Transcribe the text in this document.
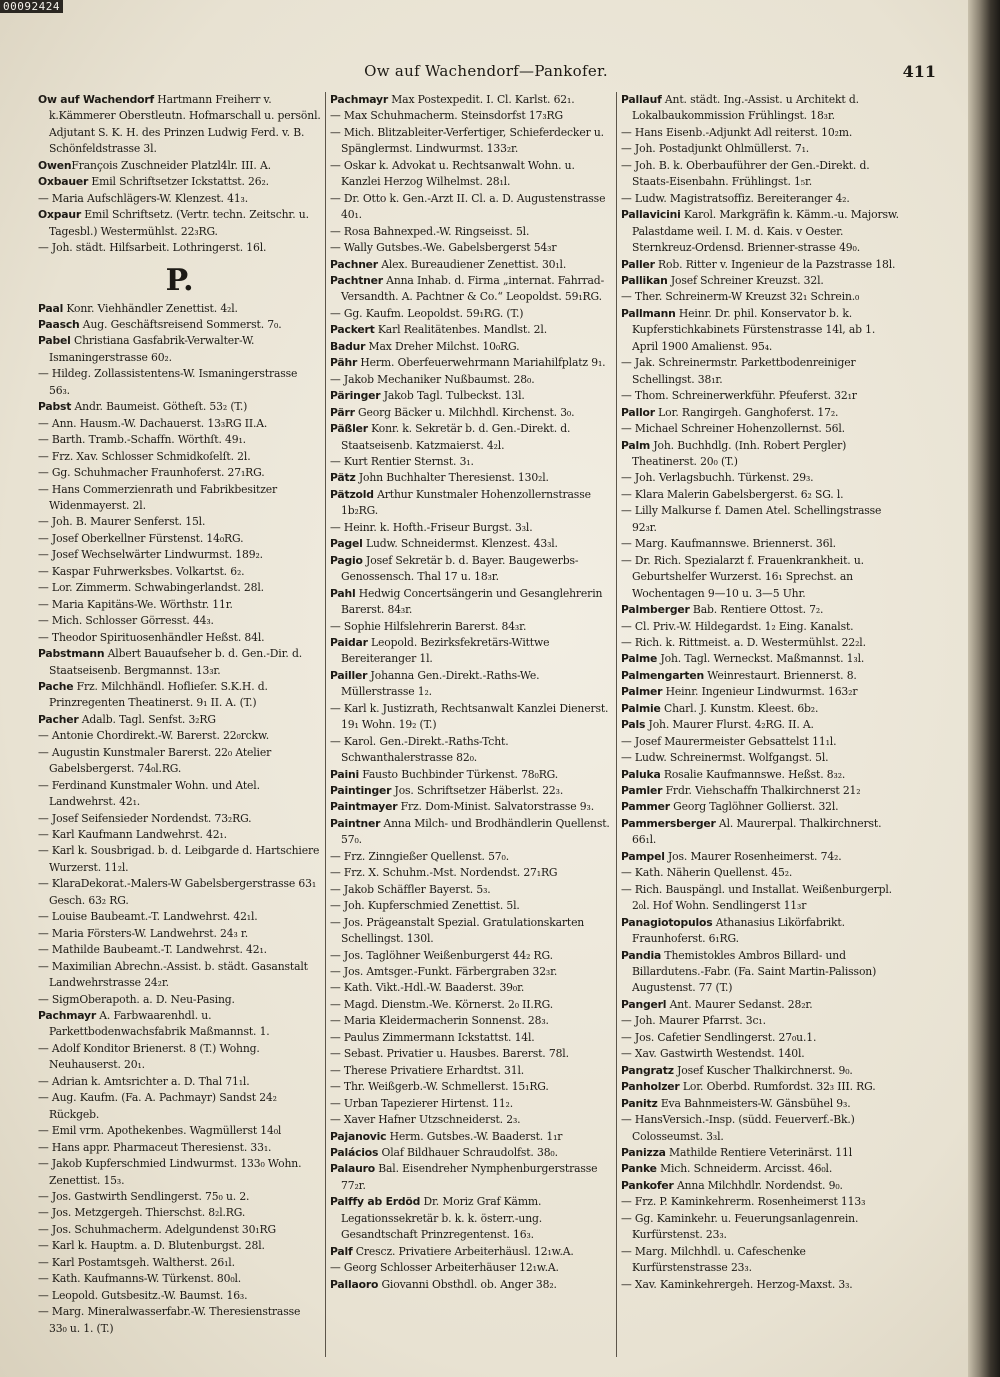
00092424
Ow auf Wachendorf—Pankofer.	411

Ow auf Wachendorf Hartmann Freiherr v. k.Kämmerer Oberstleutn. Hofmarschall u. persönl. Adjutant S. K. H. des Prinzen Ludwig Ferd. v. B. Schönfeldstrasse 3l.

OwenFrançois Zuschneider Platzl4lr. III. A.

Oxbauer Emil Schriftsetzer Ickstattst. 26₂.

— Maria Aufschlägers-W. Klenzest. 41₃.

Oxpaur Emil Schriftsetz. (Vertr. techn. Zeitschr. u. Tagesbl.) Westermühlst. 22₃RG.

— Joh. städt. Hilfsarbeit. Lothringerst. 16l.

P.

Paal Konr. Viehhändler Zenettist. 4₂l.

Paasch Aug. Geschäftsreisend Sommerst. 7₀.

Pabel Christiana Gasfabrik-Verwalter-W. Ismaningerstrasse 60₂.

— Hildeg. Zollassistentens-W. Ismaningerstrasse 56₃.

Pabst Andr. Baumeist. Götheſt. 53₂ (T.)

— Ann. Hausm.-W. Dachauerst. 13₃RG II.A.

— Barth. Tramb.-Schaffn. Wörthſt. 49₁.

— Frz. Xav. Schlosser Schmidkoſelſt. 2l.

— Gg. Schuhmacher Fraunhoferst. 27₁RG.

— Hans Commerzienrath und Fabrikbesitzer Widenmayerst. 2l.

— Joh. B. Maurer Senferst. 15l.

— Josef Oberkellner Fürstenst. 14₀RG.

— Josef Wechselwärter Lindwurmst. 189₂.

— Kaspar Fuhrwerksbes. Volkartst. 6₂.

— Lor. Zimmerm. Schwabingerlandst. 28l.

— Maria Kapitäns-We. Wörthstr. 11r.

— Mich. Schlosser Görresst. 44₃.

— Theodor Spirituosenhändler Heßst. 84l.

Pabstmann Albert Bauaufseher b. d. Gen.-Dir. d. Staatseisenb. Bergmannst. 13₃r.

Pache Frz. Milchhändl. Hoflieſer. S.K.H. d. Prinzregenten Theatinerst. 9₁ II. A. (T.)

Pacher Adalb. Tagl. Senfst. 3₂RG

— Antonie Chordirekt.-W. Barerst. 22₀rckw.

— Augustin Kunstmaler Barerst. 22₀ Atelier Gabelsbergerst. 74₀l.RG.

— Ferdinand Kunstmaler Wohn. und Atel. Landwehrst. 42₁.

— Josef Seifensieder Nordendst. 73₂RG.

— Karl Kaufmann Landwehrst. 42₁.

— Karl k. Sousbrigad. b. d. Leibgarde d. Hartschiere Wurzerst. 11₂l.

— KlaraDekorat.-Malers-W Gabelsbergerstrasse 63₁ Gesch. 63₂ RG.

— Louise Baubeamt.-T. Landwehrst. 42₁l.

— Maria Försters-W. Landwehrst. 24₃ r.

— Mathilde Baubeamt.-T. Landwehrst. 42₁.

— Maximilian Abrechn.-Assist. b. städt. Gasanstalt Landwehrstrasse 24₂r.

— SigmOberapoth. a. D. Neu-Pasing.

Pachmayr A. Farbwaarenhdl. u. Parkettbodenwachsfabrik Maßmannst. 1.

— Adolf Konditor Brienerst. 8 (T.) Wohng. Neuhauserst. 20₁.

— Adrian k. Amtsrichter a. D. Thal 71₁l.

— Aug. Kaufm. (Fa. A. Pachmayr) Sandst 24₂ Rückgeb.

— Emil vrm. Apothekenbes. Wagmüllerst 14₀l

— Hans appr. Pharmaceut Theresienst. 33₁.

— Jakob Kupferschmied Lindwurmst. 133₀ Wohn. Zenettist. 15₃.

— Jos. Gastwirth Sendlingerst. 75₀ u. 2.

— Jos. Metzgergeh. Thierschst. 8₂l.RG.

— Jos. Schuhmacherm. Adelgundenst 30₁RG

— Karl k. Hauptm. a. D. Blutenburgst. 28l.

— Karl Postamtsgeh. Waltherst. 26₁l.

— Kath. Kaufmanns-W. Türkenst. 80₀l.

— Leopold. Gutsbesitz.-W. Baumst. 16₃.

— Marg. Mineralwasserfabr.-W. Theresienstrasse 33₀ u. 1. (T.)

Pachmayr Max Postexpedit. I. Cl. Karlst. 62₁.

— Max Schuhmacherm. Steinsdorfst 17₃RG

— Mich. Blitzableiter-Verfertiger, Schieferdecker u. Spänglermst. Lindwurmst. 133₂r.

— Oskar k. Advokat u. Rechtsanwalt Wohn. u. Kanzlei Herzog Wilhelmst. 28₁l.

— Dr. Otto k. Gen.-Arzt II. Cl. a. D. Augustenstrasse 40₁.

— Rosa Bahnexped.-W. Ringseisst. 5l.

— Wally Gutsbes.-We. Gabelsbergerst 54₃r

Pachner Alex. Bureaudiener Zenettist. 30₁l.

Pachtner Anna Inhab. d. Firma „internat. Fahrrad-Versandth. A. Pachtner & Co.“ Leopoldst. 59₁RG.

— Gg. Kaufm. Leopoldst. 59₁RG. (T.)

Packert Karl Realitätenbes. Mandlst. 2l.

Badur Max Dreher Milchst. 10₀RG.

Pähr Herm. Oberfeuerwehrmann Mariahilfplatz 9₁.

— Jakob Mechaniker Nußbaumst. 28₀.

Päringer Jakob Tagl. Tulbeckst. 13l.

Pärr Georg Bäcker u. Milchhdl. Kirchenst. 3₀.

Päßler Konr. k. Sekretär b. d. Gen.-Direkt. d. Staatseisenb. Katzmaierst. 4₂l.

— Kurt Rentier Sternst. 3₁.

Pätz John Buchhalter Theresienst. 130₂l.

Pätzold Arthur Kunstmaler Hohenzollernstrasse 1b₂RG.

— Heinr. k. Hofth.-Friseur Burgst. 3₃l.

Pagel Ludw. Schneidermst. Klenzest. 43₃l.

Pagio Josef Sekretär b. d. Bayer. Baugewerbs-Genossensch. Thal 17 u. 18₃r.

Pahl Hedwig Concertsängerin und Gesanglehrerin Barerst. 84₃r.

— Sophie Hilfslehrerin Barerst. 84₃r.

Paidar Leopold. Bezirksfekretärs-Wittwe Bereiteranger 1l.

Pailler Johanna Gen.-Direkt.-Raths-We. Müllerstrasse 1₂.

— Karl k. Justizrath, Rechtsanwalt Kanzlei Dienerst. 19₁ Wohn. 19₂ (T.)

— Karol. Gen.-Direkt.-Raths-Tcht. Schwanthalerstrasse 82₀.

Paini Fausto Buchbinder Türkenst. 78₀RG.

Paintinger Jos. Schriftsetzer Häberlst. 22₃.

Paintmayer Frz. Dom-Minist. Salvatorstrasse 9₃.

Paintner Anna Milch- und Brodhändlerin Quellenst. 57₀.

— Frz. Zinngießer Quellenst. 57₀.

— Frz. X. Schuhm.-Mst. Nordendst. 27₁RG

— Jakob Schäffler Bayerst. 5₃.

— Joh. Kupferschmied Zenettist. 5l.

— Jos. Prägeanstalt Spezial. Gratulationskarten Schellingst. 130l.

— Jos. Taglöhner Weißenburgerst 44₂ RG.

— Jos. Amtsger.-Funkt. Färbergraben 32₃r.

— Kath. Vikt.-Hdl.-W. Baaderst. 39₀r.

— Magd. Dienstm.-We. Körnerst. 2₀ II.RG.

— Maria Kleidermacherin Sonnenst. 28₃.

— Paulus Zimmermann Ickstattst. 14l.

— Sebast. Privatier u. Hausbes. Barerst. 78l.

— Therese Privatiere Erhardtst. 31l.

— Thr. Weißgerb.-W. Schmellerst. 15₁RG.

— Urban Tapezierer Hirtenst. 11₂.

— Xaver Hafner Utzschneiderst. 2₃.

Pajanovic Herm. Gutsbes.-W. Baaderst. 1₁r

Palácios Olaf Bildhauer Schraudolfst. 38₀.

Palauro Bal. Eisendreher Nymphenburgerstrasse 77₂r.

Palffy ab Erdöd Dr. Moriz Graf Kämm. Legationssekretär b. k. k. österr.-ung. Gesandtschaft Prinzregentenst. 16₃.

Palf Crescz. Privatiere Arbeiterhäusl. 12₁w.A.

— Georg Schlosser Arbeiterhäuser 12₁w.A.

Pallaoro Giovanni Obsthdl. ob. Anger 38₂.

Pallauf Ant. städt. Ing.-Assist. u Architekt d. Lokalbaukommission Frühlingst. 18₃r.

— Hans Eisenb.-Adjunkt Adl reiterst. 10₂m.

— Joh. Postadjunkt Ohlmüllerst. 7₁.

— Joh. B. k. Oberbauführer der Gen.-Direkt. d. Staats-Eisenbahn. Frühlingst. 1₅r.

— Ludw. Magistratsoffiz. Bereiteranger 4₂.

Pallavicini Karol. Markgräfin k. Kämm.-u. Majorsw. Palastdame weil. I. M. d. Kais. v Oester. Sternkreuz-Ordensd. Brienner-strasse 49₀.

Paller Rob. Ritter v. Ingenieur de la Pazstrasse 18l.

Pallikan Josef Schreiner Kreuzst. 32l.

— Ther. Schreinerm-W Kreuzst 32₁ Schrein.₀

Pallmann Heinr. Dr. phil. Konservator b. k. Kupferstichkabinets Fürstenstrasse 14l, ab 1. April 1900 Amalienst. 95₄.

— Jak. Schreinermstr. Parkettbodenreiniger Schellingst. 38₁r.

— Thom. Schreinerwerkführ. Pfeuferst. 32₁r

Pallor Lor. Rangirgeh. Ganghoferst. 17₂.

— Michael Schreiner Hohenzollernst. 56l.

Palm Joh. Buchhdlg. (Inh. Robert Pergler) Theatinerst. 20₀ (T.)

— Joh. Verlagsbuchh. Türkenst. 29₃.

— Klara Malerin Gabelsbergerst. 6₂ SG. l.

— Lilly Malkurse f. Damen Atel. Schellingstrasse 92₃r.

— Marg. Kaufmannswe. Briennerst. 36l.

— Dr. Rich. Spezialarzt f. Frauenkrankheit. u. Geburtshelfer Wurzerst. 16₁ Sprechst. an Wochentagen 9—10 u. 3—5 Uhr.

Palmberger Bab. Rentiere Ottost. 7₂.

— Cl. Priv.-W. Hildegardst. 1₂ Eing. Kanalst.

— Rich. k. Rittmeist. a. D. Westermühlst. 22₂l.

Palme Joh. Tagl. Werneckst. Maßmannst. 1₃l.

Palmengarten Weinrestaurt. Briennerst. 8.

Palmer Heinr. Ingenieur Lindwurmst. 163₂r

Palmie Charl. J. Kunstm. Kleest. 6b₂.

Pals Joh. Maurer Flurst. 4₂RG. II. A.

— Josef Maurermeister Gebsattelst 11₁l.

— Ludw. Schreinermst. Wolfgangst. 5l.

Paluka Rosalie Kaufmannswe. Heßst. 8₃₂.

Pamler Frdr. Viehschaffn Thalkirchnerst 21₂

Pammer Georg Taglöhner Gollierst. 32l.

Pammersberger Al. Maurerpal. Thalkirchnerst. 66₁l.

Pampel Jos. Maurer Rosenheimerst. 74₂.

— Kath. Näherin Quellenst. 45₂.

— Rich. Bauspängl. und Installat. Weißenburgerpl. 2₀l. Hof Wohn. Sendlingerst 11₃r

Panagiotopulos Athanasius Likörfabrikt. Fraunhoferst. 6₁RG.

Pandia Themistokles Ambros Billard- und Billardutens.-Fabr. (Fa. Saint Martin-Palisson) Augustenst. 77 (T.)

Pangerl Ant. Maurer Sedanst. 28₂r.

— Joh. Maurer Pfarrst. 3c₁.

— Jos. Cafetier Sendlingerst. 27₀u.1.

— Xav. Gastwirth Westendst. 140l.

Pangratz Josef Kuscher Thalkirchnerst. 9₀.

Panholzer Lor. Oberbd. Rumfordst. 32₃ III. RG.

Panitz Eva Bahnmeisters-W. Gänsbühel 9₃.

— HansVersich.-Insp. (südd. Feuerverf.-Bk.) Colosseumst. 3₃l.

Panizza Mathilde Rentiere Veterinärst. 11l

Panke Mich. Schneiderm. Arcisst. 46₀l.

Pankofer Anna Milchhdlr. Nordendst. 9₀.

— Frz. P. Kaminkehrerm. Rosenheimerst 113₃

— Gg. Kaminkehr. u. Feuerungsanlagenrein. Kurfürstenst. 23₃.

— Marg. Milchhdl. u. Cafeschenke Kurfürstenstrasse 23₃.

— Xav. Kaminkehrergeh. Herzog-Maxst. 3₃.
